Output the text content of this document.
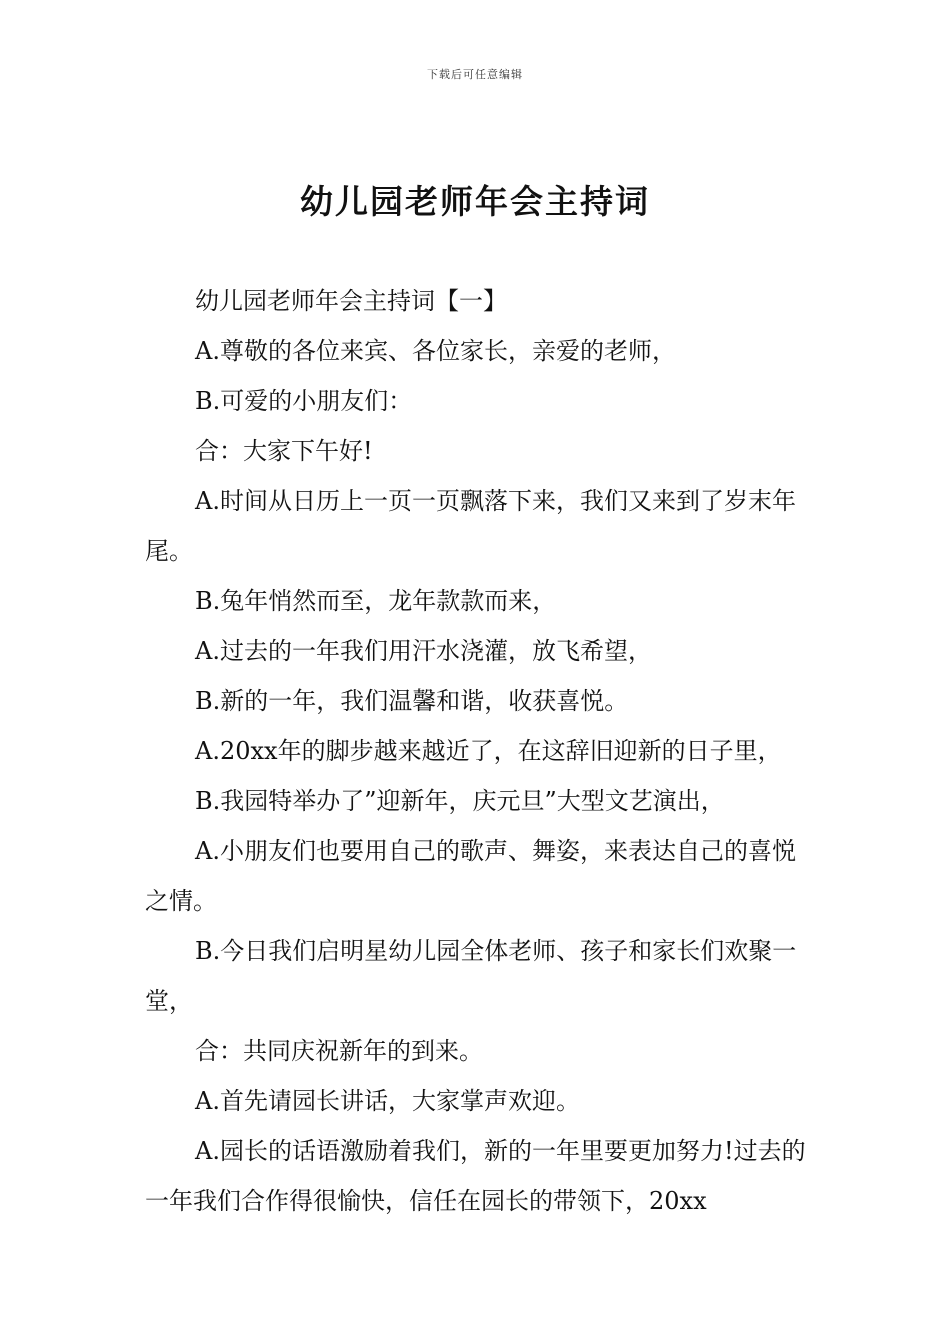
下载后可任意编辑
幼儿园老师年会主持词

幼儿园老师年会主持词【一】

A.尊敬的各位来宾、各位家长，亲爱的老师，

B.可爱的小朋友们：

合：大家下午好!

A.时间从日历上一页一页飘落下来，我们又来到了岁末年尾。

B.兔年悄然而至，龙年款款而来，

A.过去的一年我们用汗水浇灌，放飞希望，

B.新的一年，我们温馨和谐，收获喜悦。

A.20xx年的脚步越来越近了，在这辞旧迎新的日子里，

B.我园特举办了”迎新年，庆元旦”大型文艺演出，

A.小朋友们也要用自己的歌声、舞姿，来表达自己的喜悦之情。

B.今日我们启明星幼儿园全体老师、孩子和家长们欢聚一堂，

合：共同庆祝新年的到来。

A.首先请园长讲话，大家掌声欢迎。

A.园长的话语激励着我们，新的一年里要更加努力!过去的一年我们合作得很愉快，信任在园长的带领下，20xx
